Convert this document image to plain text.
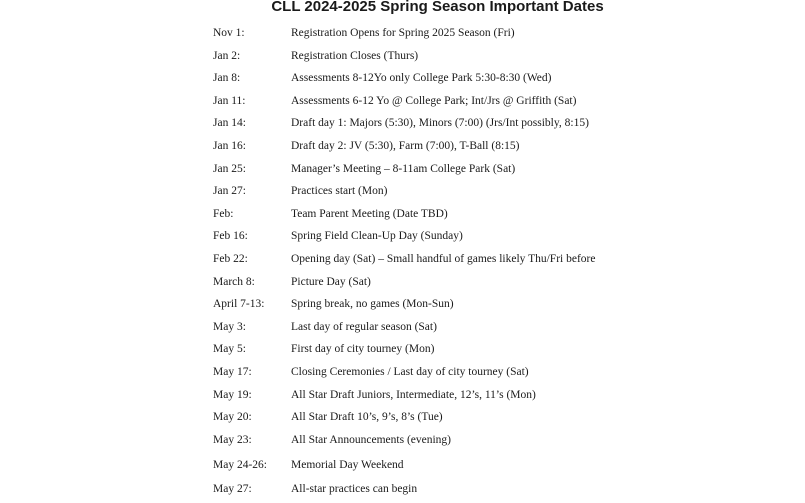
CLL 2024-2025 Spring Season Important Dates
Nov 1:	Registration Opens for Spring 2025 Season (Fri)
Jan 2:	Registration Closes (Thurs)
Jan 8:	Assessments 8-12Yo only College Park 5:30-8:30 (Wed)
Jan 11:	Assessments 6-12 Yo @ College Park; Int/Jrs @ Griffith (Sat)
Jan 14:	Draft day 1: Majors (5:30), Minors (7:00) (Jrs/Int possibly, 8:15)
Jan 16:	Draft day 2: JV (5:30), Farm (7:00), T-Ball (8:15)
Jan 25:	Manager’s Meeting – 8-11am College Park (Sat)
Jan 27:	Practices start (Mon)
Feb:	Team Parent Meeting (Date TBD)
Feb 16:	Spring Field Clean-Up Day (Sunday)
Feb 22:	Opening day (Sat) – Small handful of games likely Thu/Fri before
March 8:	Picture Day (Sat)
April 7-13: Spring break, no games (Mon-Sun)
May 3:	Last day of regular season (Sat)
May 5:	First day of city tourney (Mon)
May 17:	Closing Ceremonies / Last day of city tourney (Sat)
May 19:	All Star Draft Juniors, Intermediate, 12’s, 11’s (Mon)
May 20:	All Star Draft 10’s, 9’s, 8’s (Tue)
May 23:	All Star Announcements (evening)
May 24-26: Memorial Day Weekend
May 27:	All-star practices can begin
